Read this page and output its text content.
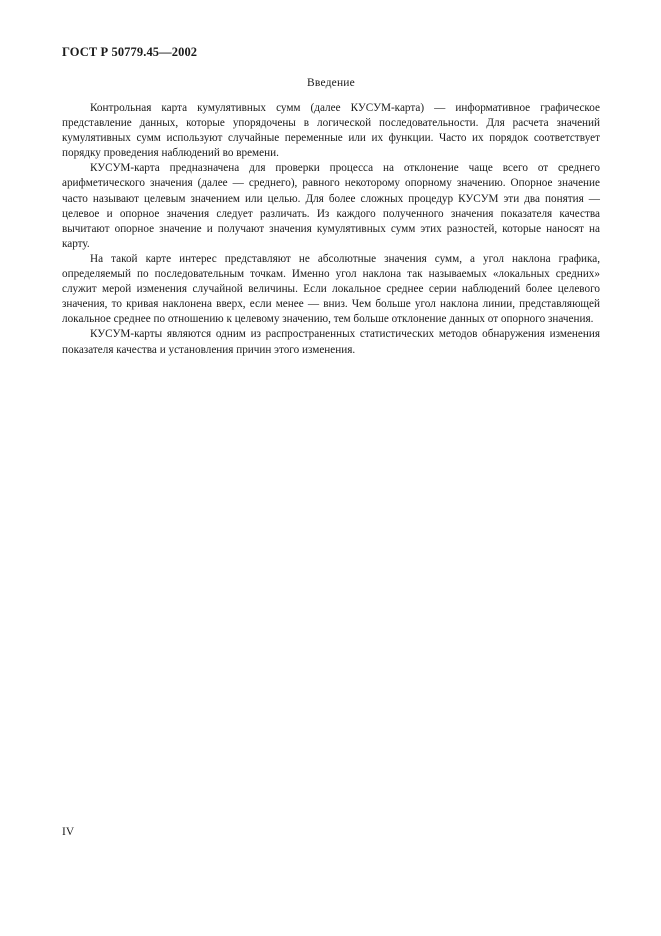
ГОСТ Р 50779.45—2002
Введение

Контрольная карта кумулятивных сумм (далее КУСУМ-карта) — информативное графическое представление данных, которые упорядочены в логической последовательности. Для расчета значений кумулятивных сумм используют случайные переменные или их функции. Часто их порядок соответствует порядку проведения наблюдений во времени.

КУСУМ-карта предназначена для проверки процесса на отклонение чаще всего от среднего арифметического значения (далее — среднего), равного некоторому опорному значению. Опорное значение часто называют целевым значением или целью. Для более сложных процедур КУСУМ эти два понятия — целевое и опорное значения следует различать. Из каждого полученного значения показателя качества вычитают опорное значение и получают значения кумулятивных сумм этих разностей, которые наносят на карту.

На такой карте интерес представляют не абсолютные значения сумм, а угол наклона графика, определяемый по последовательным точкам. Именно угол наклона так называемых «локальных средних» служит мерой изменения случайной величины. Если локальное среднее серии наблюдений более целевого значения, то кривая наклонена вверх, если менее — вниз. Чем больше угол наклона линии, представляющей локальное среднее по отношению к целевому значению, тем больше отклонение данных от опорного значения.

КУСУМ-карты являются одним из распространенных статистических методов обнаружения изменения показателя качества и установления причин этого изменения.

IV
